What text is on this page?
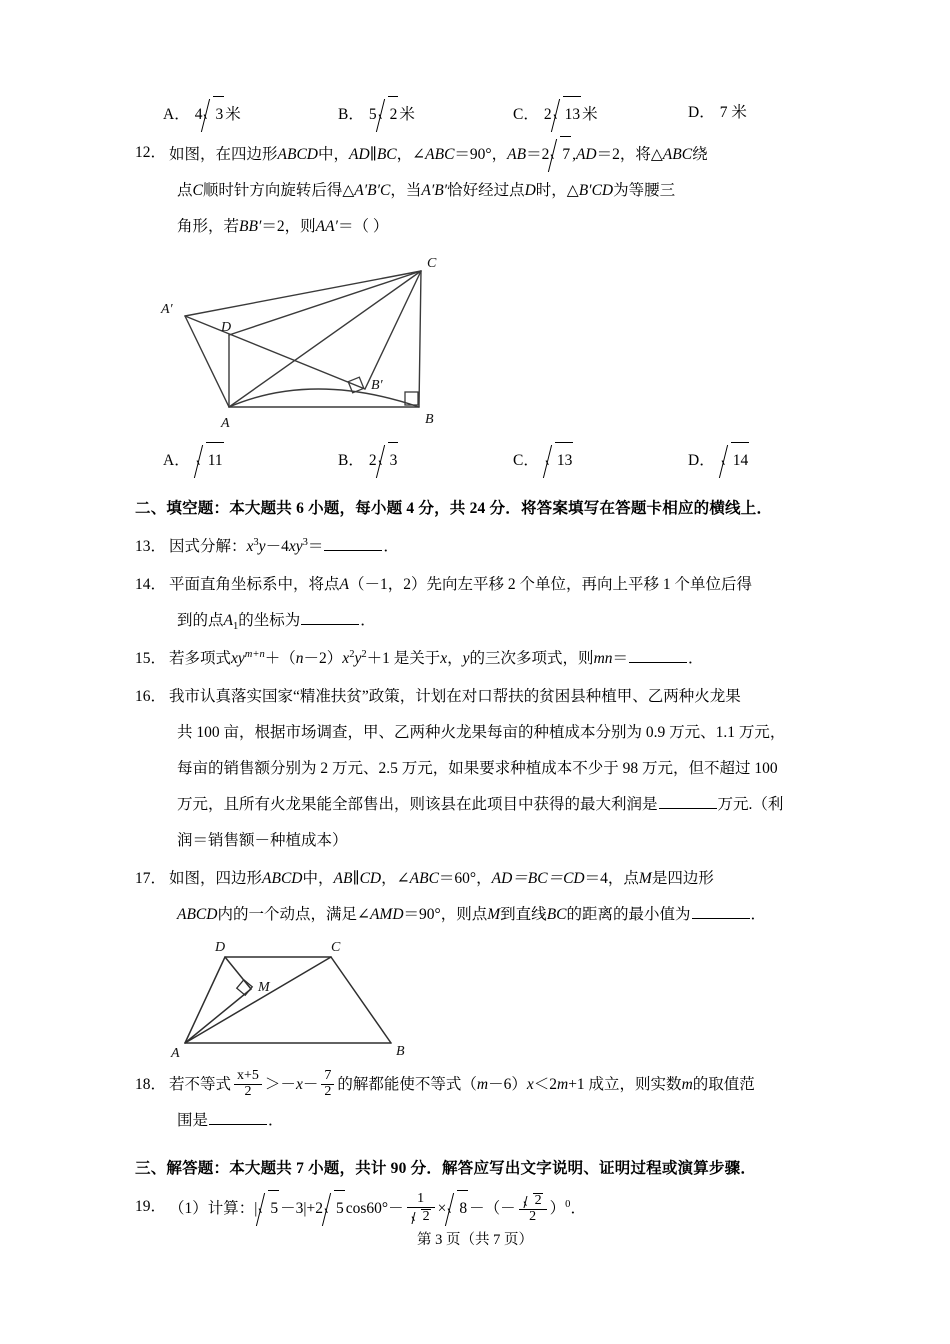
A． 4 3 米	B． 5 2 米	C． 2 13 米	D． 7 米
12． 如图，在四边形ABCD中，AD∥BC，∠ABC＝90°，AB＝2 7 ,AD＝2，将△ABC绕

点C顺时针方向旋转后得△A′B′C，当A′B′恰好经过点D时，△B′CD为等腰三

角形，若BB′＝2，则AA′＝（ ）

A	B
C
D
A′
B′
A．	11	B． 2 3	C．	13	D．	14
二、填空题：本大题共 6 小题，每小题 4 分，共 24 分．将答案填写在答题卡相应的横线上．
13． 因式分解：$x^3y-4xy^3=$	．

14． 平面直角坐标系中，将点A（－1，2）先向左平移 2 个单位，再向上平移 1 个单位后得

到的点$A_1$的坐标为	．

15． 若多项式$xy^{m+n}+(n-2)x^2y^2+1$ 是关于x，y的三次多项式，则mn＝	．

16． 我市认真落实国家“精准扶贫”政策，计划在对口帮扶的贫困县种植甲、乙两种火龙果

共 100 亩，根据市场调查，甲、乙两种火龙果每亩的种植成本分别为 0.9 万元、1.1 万元，

每亩的销售额分别为 2 万元、2.5 万元，如果要求种植成本不少于 98 万元，但不超过 100

万元，且所有火龙果能全部售出，则该县在此项目中获得的最大利润是	万元.（利

润＝销售额－种植成本）

17． 如图，四边形ABCD中，AB∥CD，∠ABC＝60°，AD＝BC＝CD＝4，点M是四边形

ABCD内的一个动点，满足∠AMD＝90°，则点M到直线BC的距离的最小值为	．

A	B
C
D
M
18． 若不等式 $\frac{x+5}{2} >-x- \frac{7}{2}$ 的解都能使不等式（m－6）x＜2m+1 成立，则实数m的取值范

围是	．

三、解答题：本大题共 7 小题，共计 90 分．解答应写出文字说明、证明过程或演算步骤．
19． （1）计算：| 5 －3|+2 5 $\cos 60^\circ- \frac{1}{2} \times 8$ －（－ $\frac{2}{2} )^0$．

第 3 页（共 7 页）
